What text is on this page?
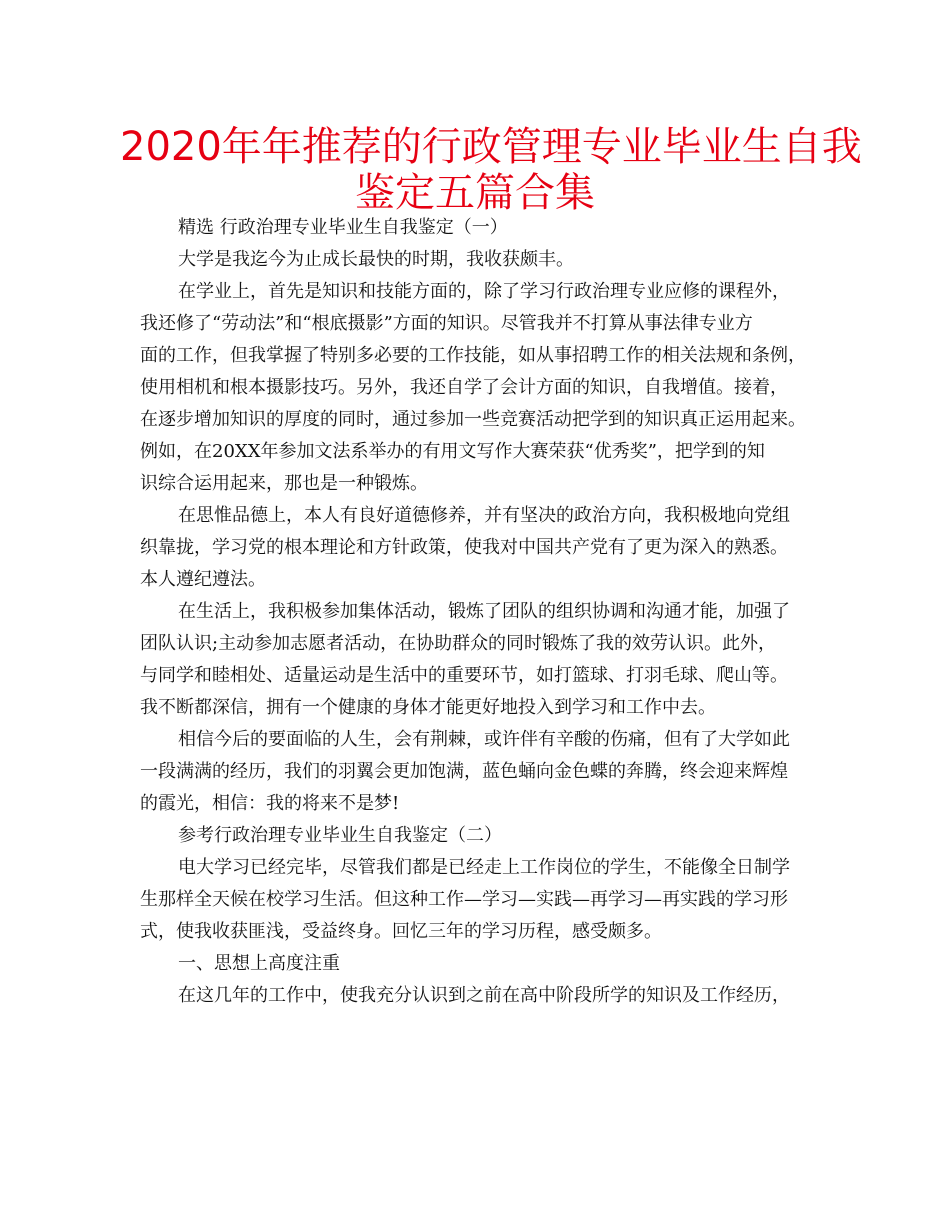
2020年年推荐的行政管理专业毕业生自我
鉴定五篇合集
精选 行政治理专业毕业生自我鉴定（一）
大学是我迄今为止成长最快的时期，我收获颇丰。
在学业上，首先是知识和技能方面的，除了学习行政治理专业应修的课程外，
我还修了“劳动法”和“根底摄影”方面的知识。尽管我并不打算从事法律专业方
面的工作，但我掌握了特别多必要的工作技能，如从事招聘工作的相关法规和条例，
使用相机和根本摄影技巧。另外，我还自学了会计方面的知识，自我增值。接着，
在逐步增加知识的厚度的同时，通过参加一些竞赛活动把学到的知识真正运用起来。
例如，在20XX年参加文法系举办的有用文写作大赛荣获“优秀奖”，把学到的知
识综合运用起来，那也是一种锻炼。
在思惟品德上，本人有良好道德修养，并有坚决的政治方向，我积极地向党组
织靠拢，学习党的根本理论和方针政策，使我对中国共产党有了更为深入的熟悉。
本人遵纪遵法。
在生活上，我积极参加集体活动，锻炼了团队的组织协调和沟通才能，加强了
团队认识;主动参加志愿者活动，在协助群众的同时锻炼了我的效劳认识。此外，
与同学和睦相处、适量运动是生活中的重要环节，如打篮球、打羽毛球、爬山等。
我不断都深信，拥有一个健康的身体才能更好地投入到学习和工作中去。
相信今后的要面临的人生，会有荆棘，或许伴有辛酸的伤痛，但有了大学如此
一段满满的经历，我们的羽翼会更加饱满，蓝色蛹向金色蝶的奔腾，终会迎来辉煌
的霞光，相信：我的将来不是梦!
参考行政治理专业毕业生自我鉴定（二）
电大学习已经完毕，尽管我们都是已经走上工作岗位的学生，不能像全日制学
生那样全天候在校学习生活。但这种工作—学习—实践—再学习—再实践的学习形
式，使我收获匪浅，受益终身。回忆三年的学习历程，感受颇多。
一、思想上高度注重
在这几年的工作中，使我充分认识到之前在高中阶段所学的知识及工作经历，
